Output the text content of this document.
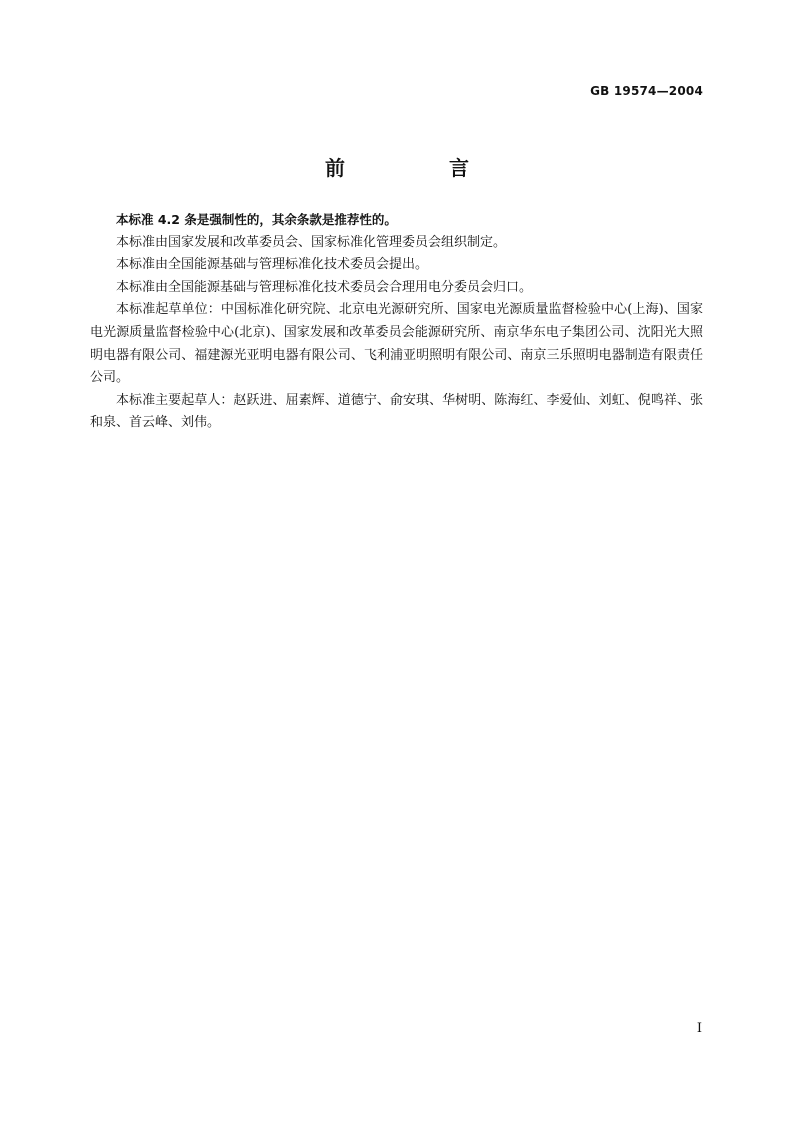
GB 19574—2004
前　言

本标准 4.2 条是强制性的，其余条款是推荐性的。

本标准由国家发展和改革委员会、国家标准化管理委员会组织制定。

本标准由全国能源基础与管理标准化技术委员会提出。

本标准由全国能源基础与管理标准化技术委员会合理用电分委员会归口。

本标准起草单位：中国标准化研究院、北京电光源研究所、国家电光源质量监督检验中心(上海)、国家电光源质量监督检验中心(北京)、国家发展和改革委员会能源研究所、南京华东电子集团公司、沈阳光大照明电器有限公司、福建源光亚明电器有限公司、飞利浦亚明照明有限公司、南京三乐照明电器制造有限责任公司。

本标准主要起草人：赵跃进、屈素辉、道德宁、俞安琪、华树明、陈海红、李爱仙、刘虹、倪鸣祥、张和泉、首云峰、刘伟。

I
